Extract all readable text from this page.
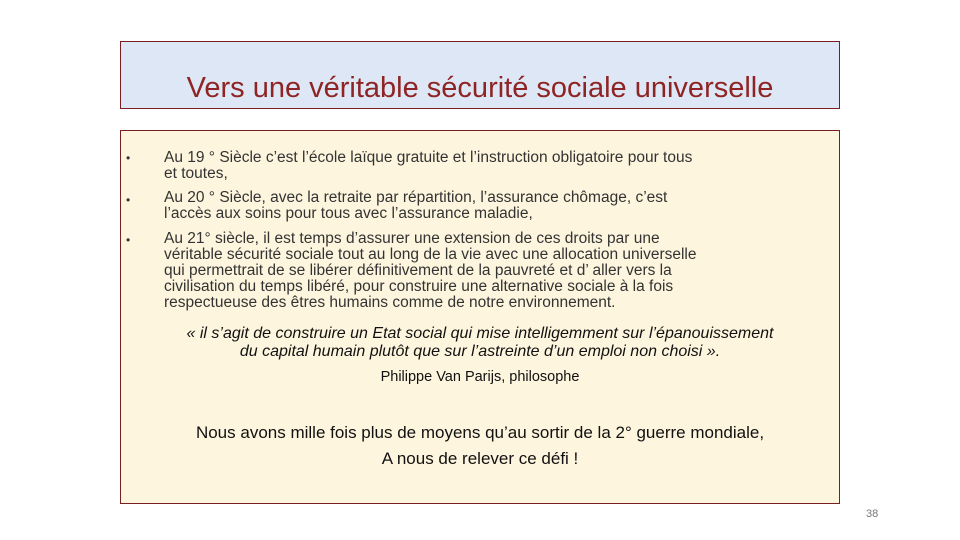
Vers une véritable sécurité sociale universelle
• Au 19 ° Siècle c’est l’école laïque gratuite et l’instruction obligatoire pour tous
et toutes,
• Au 20 ° Siècle, avec la retraite par répartition, l’assurance chômage, c’est
l’accès aux soins pour tous avec l’assurance maladie,
• Au 21° siècle, il est temps d’assurer une extension de ces droits par une
véritable sécurité sociale tout au long de la vie avec une allocation universelle
qui permettrait de se libérer définitivement de la pauvreté et d’ aller vers la
civilisation du temps libéré, pour construire une alternative sociale à la fois
respectueuse des êtres humains comme de notre environnement.
« il s’agit de construire un Etat social qui mise intelligemment sur l’épanouissement
du capital humain plutôt que sur l’astreinte d’un emploi non choisi ».
Philippe Van Parijs, philosophe
Nous avons mille fois plus de moyens qu’au sortir de la 2° guerre mondiale,
A nous de relever ce défi !
38
